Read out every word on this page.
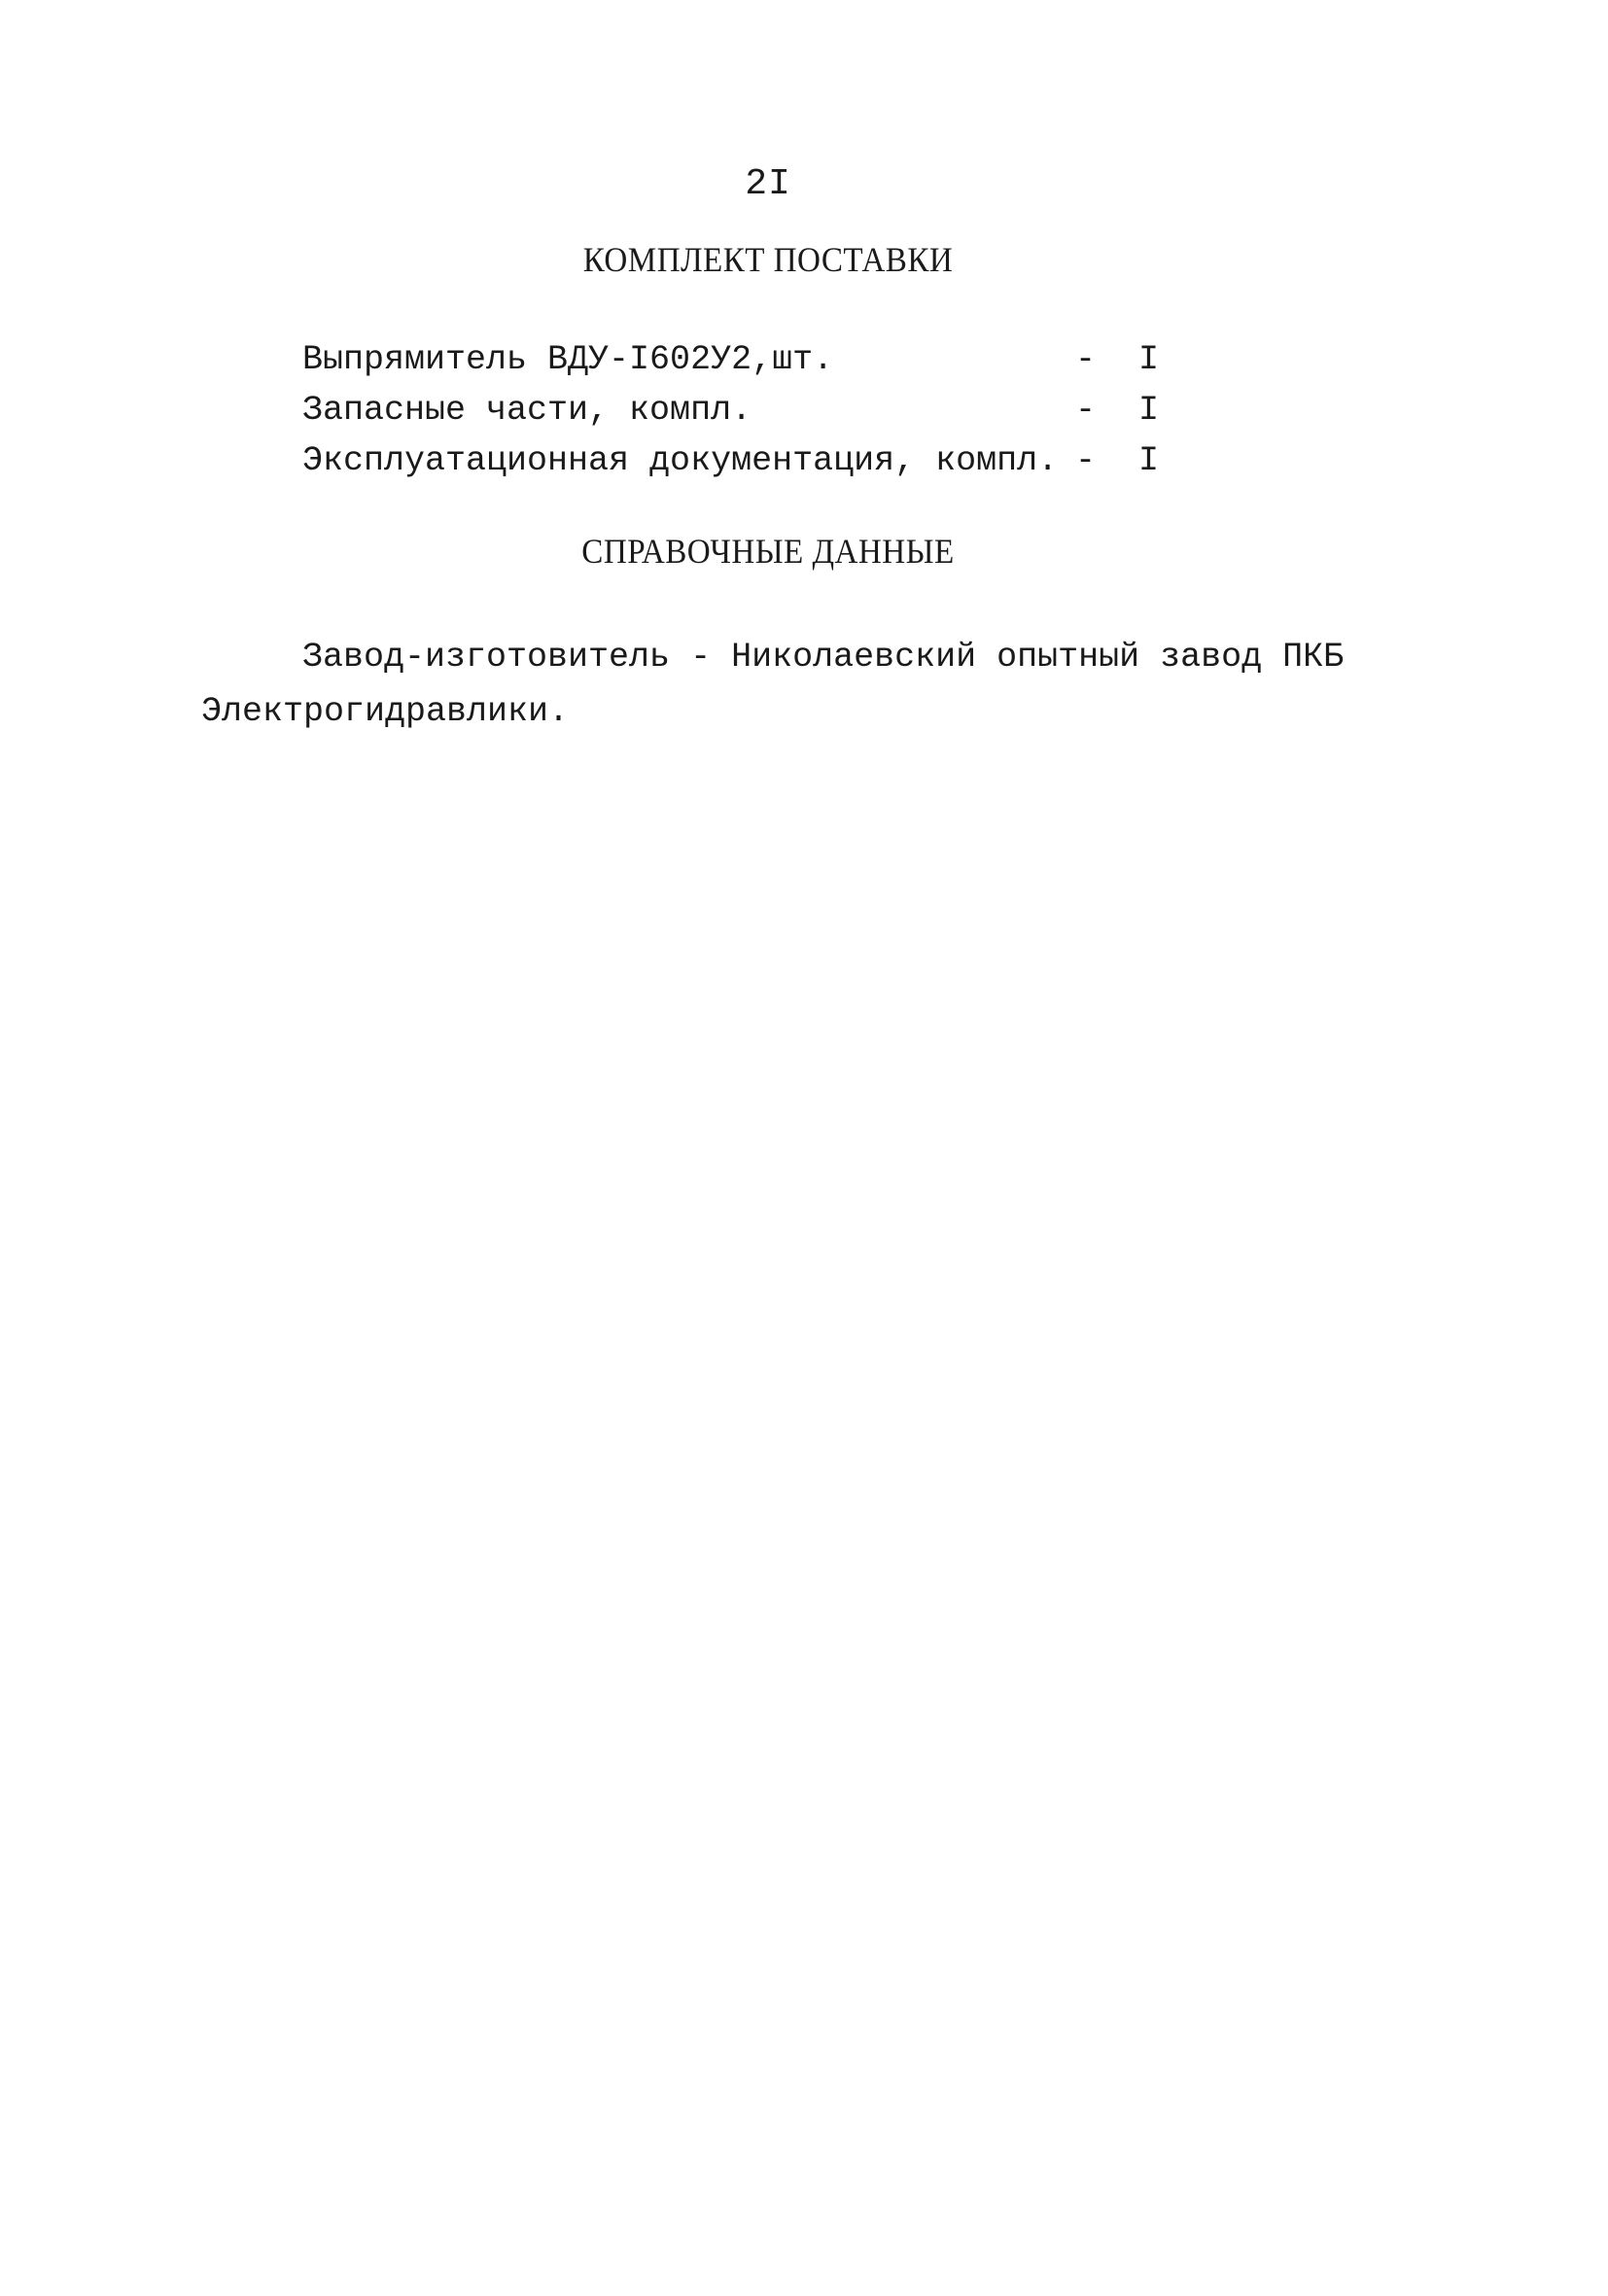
2I
КОМПЛЕКТ ПОСТАВКИ
Выпрямитель ВДУ-I602У2,шт.	- I
Запасные части, компл.	- I
Эксплуатационная документация, компл. - I
СПРАВОЧНЫЕ ДАННЫЕ
Завод-изготовитель - Николаевский опытный завод ПКБ
Электрогидравлики.
